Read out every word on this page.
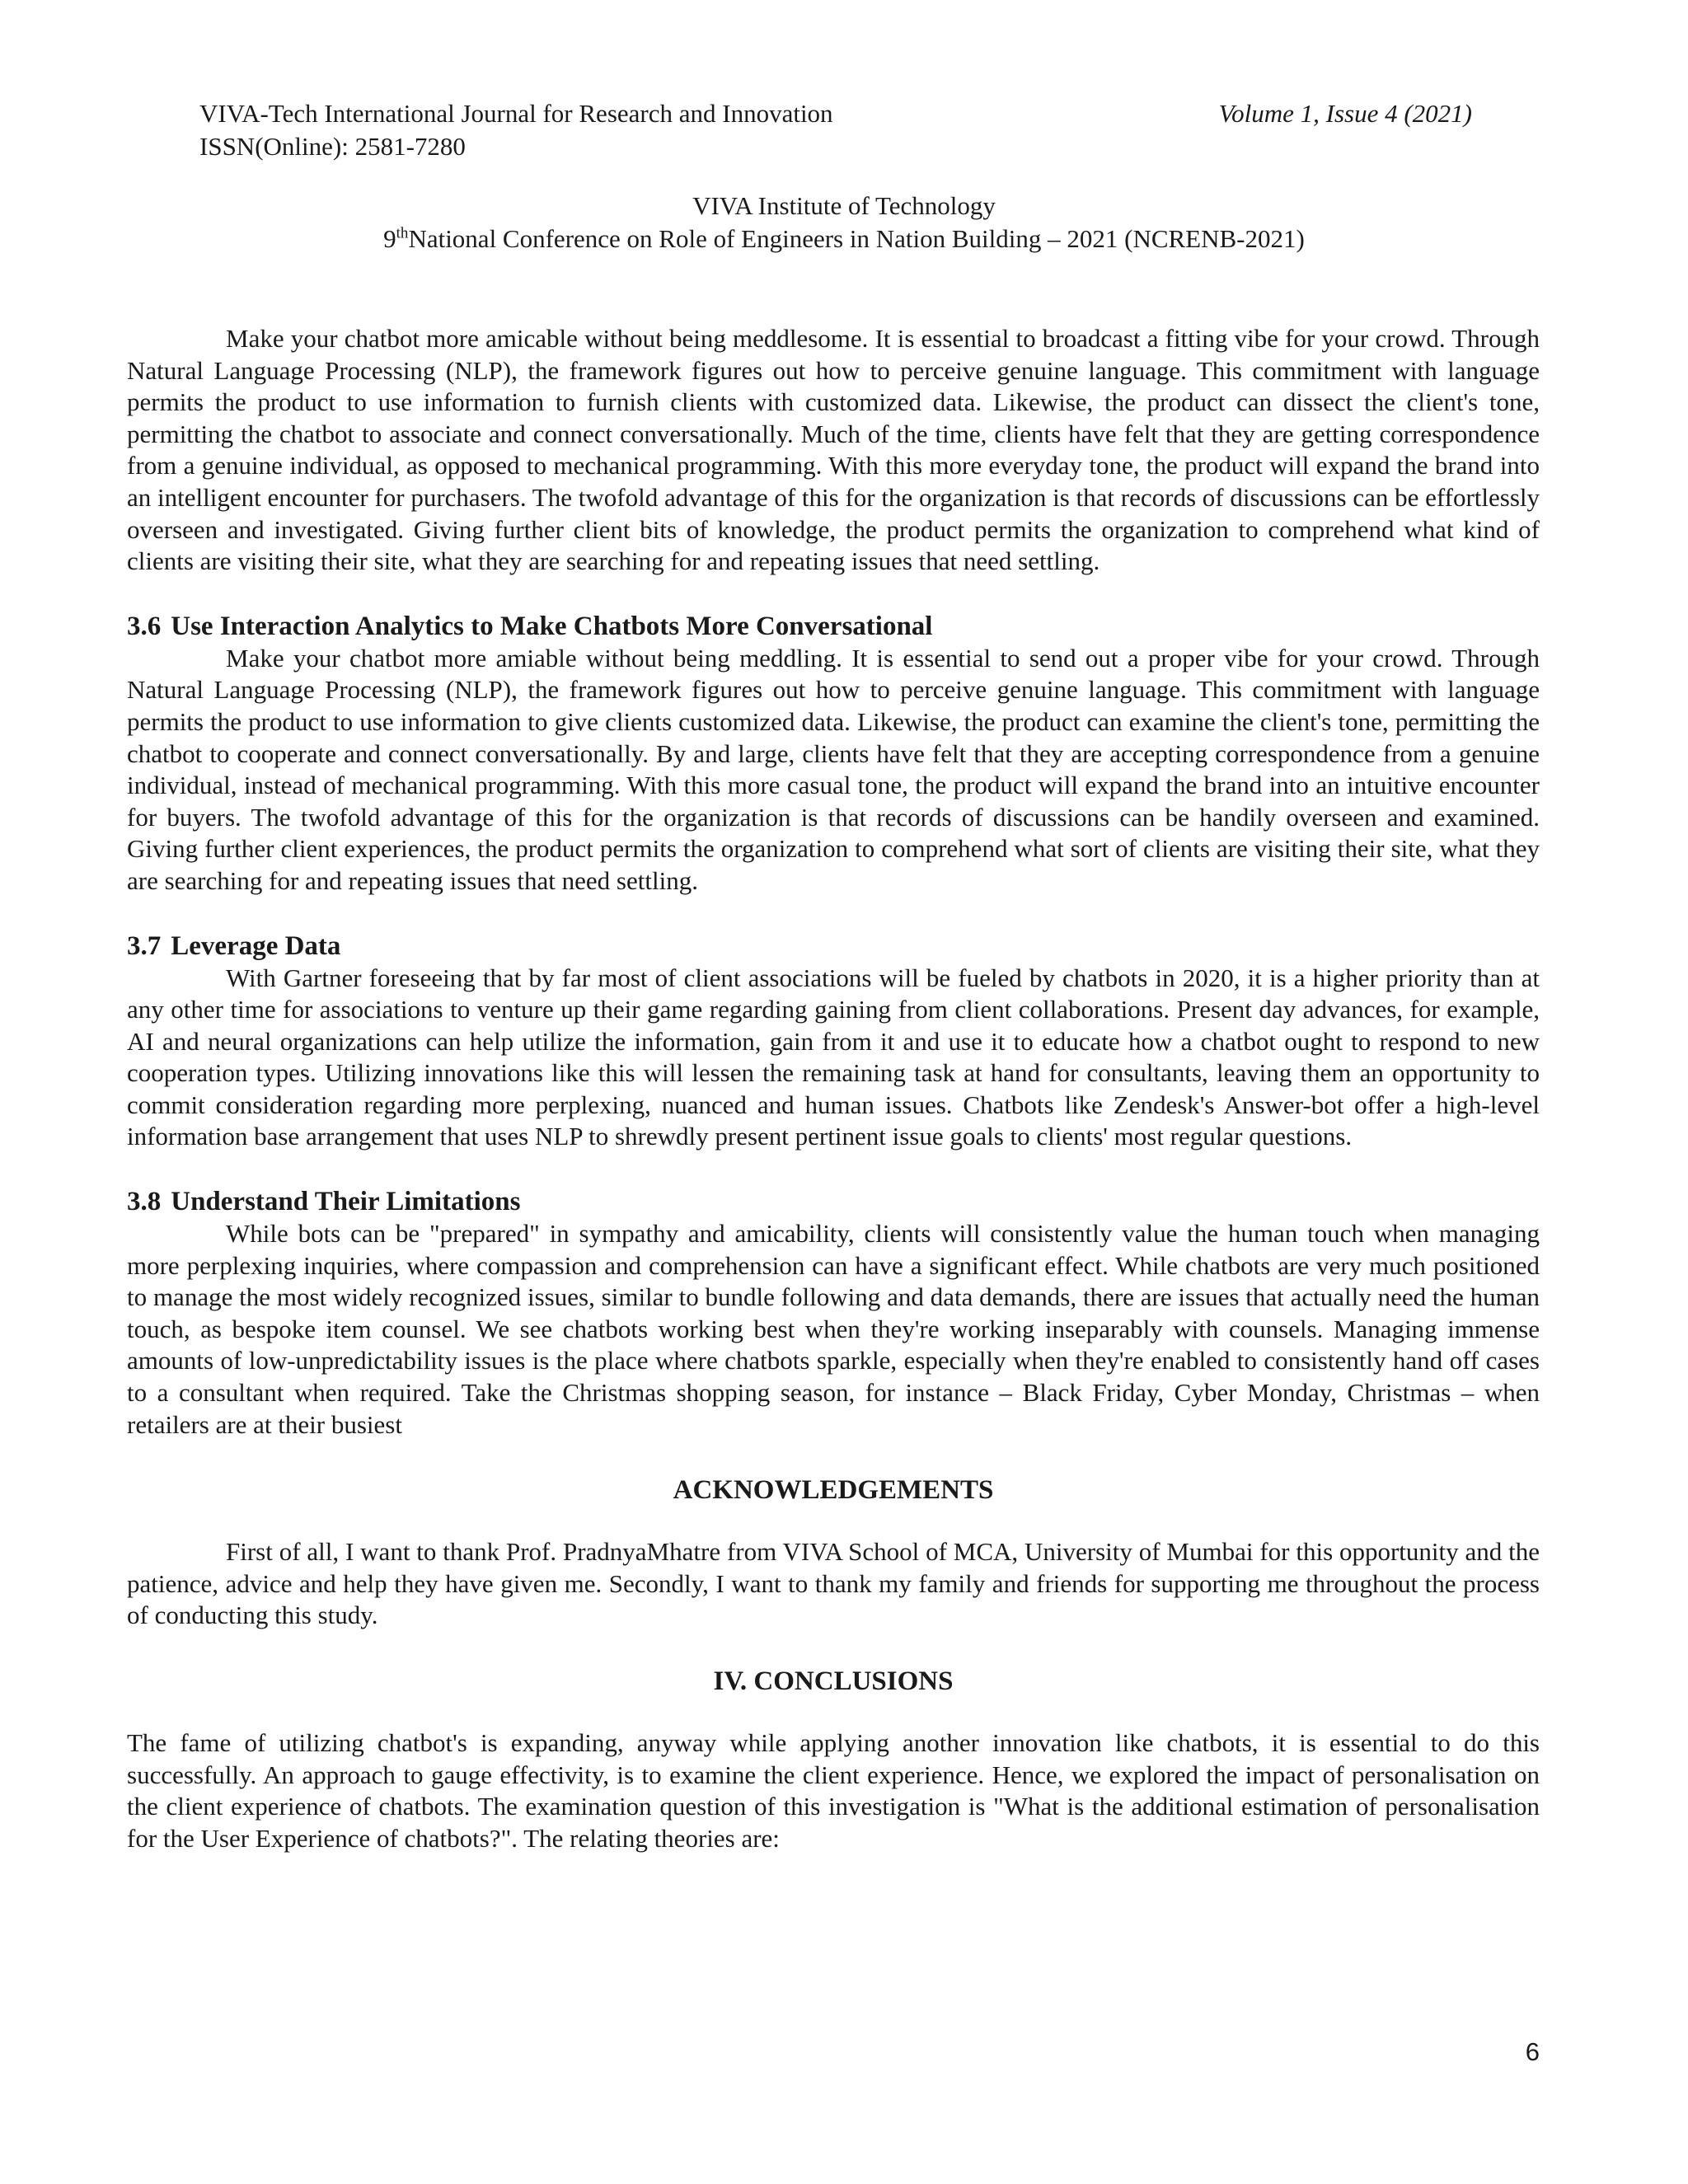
VIVA-Tech International Journal for Research and Innovation
ISSN(Online): 2581-7280
Volume 1, Issue 4 (2021)
VIVA Institute of Technology
9thNational Conference on Role of Engineers in Nation Building – 2021 (NCRENB-2021)

Make your chatbot more amicable without being meddlesome. It is essential to broadcast a fitting vibe for your crowd. Through Natural Language Processing (NLP), the framework figures out how to perceive genuine language. This commitment with language permits the product to use information to furnish clients with customized data. Likewise, the product can dissect the client's tone, permitting the chatbot to associate and connect conversationally. Much of the time, clients have felt that they are getting correspondence from a genuine individual, as opposed to mechanical programming. With this more everyday tone, the product will expand the brand into an intelligent encounter for purchasers. The twofold advantage of this for the organization is that records of discussions can be effortlessly overseen and investigated. Giving further client bits of knowledge, the product permits the organization to comprehend what kind of clients are visiting their site, what they are searching for and repeating issues that need settling.

3.6 Use Interaction Analytics to Make Chatbots More Conversational

Make your chatbot more amiable without being meddling. It is essential to send out a proper vibe for your crowd. Through Natural Language Processing (NLP), the framework figures out how to perceive genuine language. This commitment with language permits the product to use information to give clients customized data. Likewise, the product can examine the client's tone, permitting the chatbot to cooperate and connect conversationally. By and large, clients have felt that they are accepting correspondence from a genuine individual, instead of mechanical programming. With this more casual tone, the product will expand the brand into an intuitive encounter for buyers. The twofold advantage of this for the organization is that records of discussions can be handily overseen and examined. Giving further client experiences, the product permits the organization to comprehend what sort of clients are visiting their site, what they are searching for and repeating issues that need settling.

3.7 Leverage Data

With Gartner foreseeing that by far most of client associations will be fueled by chatbots in 2020, it is a higher priority than at any other time for associations to venture up their game regarding gaining from client collaborations. Present day advances, for example, AI and neural organizations can help utilize the information, gain from it and use it to educate how a chatbot ought to respond to new cooperation types. Utilizing innovations like this will lessen the remaining task at hand for consultants, leaving them an opportunity to commit consideration regarding more perplexing, nuanced and human issues. Chatbots like Zendesk's Answer-bot offer a high-level information base arrangement that uses NLP to shrewdly present pertinent issue goals to clients' most regular questions.

3.8 Understand Their Limitations

While bots can be "prepared" in sympathy and amicability, clients will consistently value the human touch when managing more perplexing inquiries, where compassion and comprehension can have a significant effect. While chatbots are very much positioned to manage the most widely recognized issues, similar to bundle following and data demands, there are issues that actually need the human touch, as bespoke item counsel. We see chatbots working best when they're working inseparably with counsels. Managing immense amounts of low-unpredictability issues is the place where chatbots sparkle, especially when they're enabled to consistently hand off cases to a consultant when required. Take the Christmas shopping season, for instance – Black Friday, Cyber Monday, Christmas – when retailers are at their busiest

ACKNOWLEDGEMENTS

First of all, I want to thank Prof. PradnyaMhatre from VIVA School of MCA, University of Mumbai for this opportunity and the patience, advice and help they have given me. Secondly, I want to thank my family and friends for supporting me throughout the process of conducting this study.

IV. CONCLUSIONS

The fame of utilizing chatbot's is expanding, anyway while applying another innovation like chatbots, it is essential to do this successfully. An approach to gauge effectivity, is to examine the client experience. Hence, we explored the impact of personalisation on the client experience of chatbots. The examination question of this investigation is "What is the additional estimation of personalisation for the User Experience of chatbots?". The relating theories are:

6
